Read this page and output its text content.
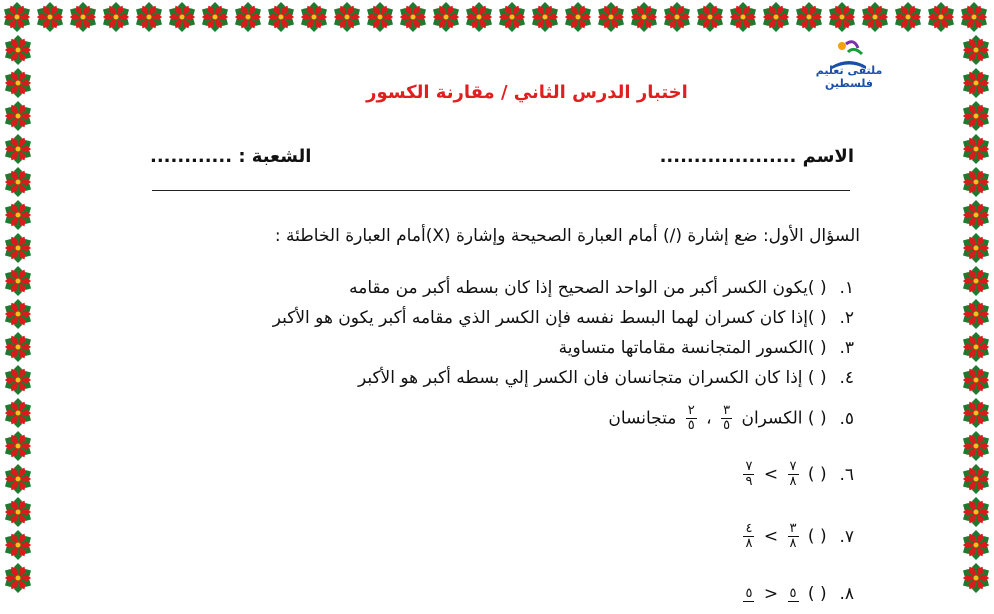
ملتقى تعليم فلسطين
اختبار الدرس الثاني / مقارنة الكسور
الاسم ....................
الشعبة : ............
السؤال الأول: ضع إشارة (/) أمام العبارة الصحيحة وإشارة (X)أمام العبارة الخاطئة :
١. ( )يكون الكسر أكبر من الواحد الصحيح إذا كان بسطه أكبر من مقامه
٢. ( )إذا كان كسران لهما البسط نفسه فإن الكسر الذي مقامه أكبر يكون هو الأكبر
٣. ( )الكسور المتجانسة مقاماتها متساوية
٤. ( ) إذا كان الكسران متجانسان فان الكسر إلي بسطه أكبر هو الأكبر
٥. ( ) الكسران
$\frac{٣}{٥}$
،
$\frac{٢}{٥}$
متجانسان
٦. ( )
$\frac{٧}{٨}$
>
$\frac{٧}{٩}$
٧. ( )
$\frac{٣}{٨}$
>
$\frac{٤}{٨}$
٨. ( )
٥
<
٥
